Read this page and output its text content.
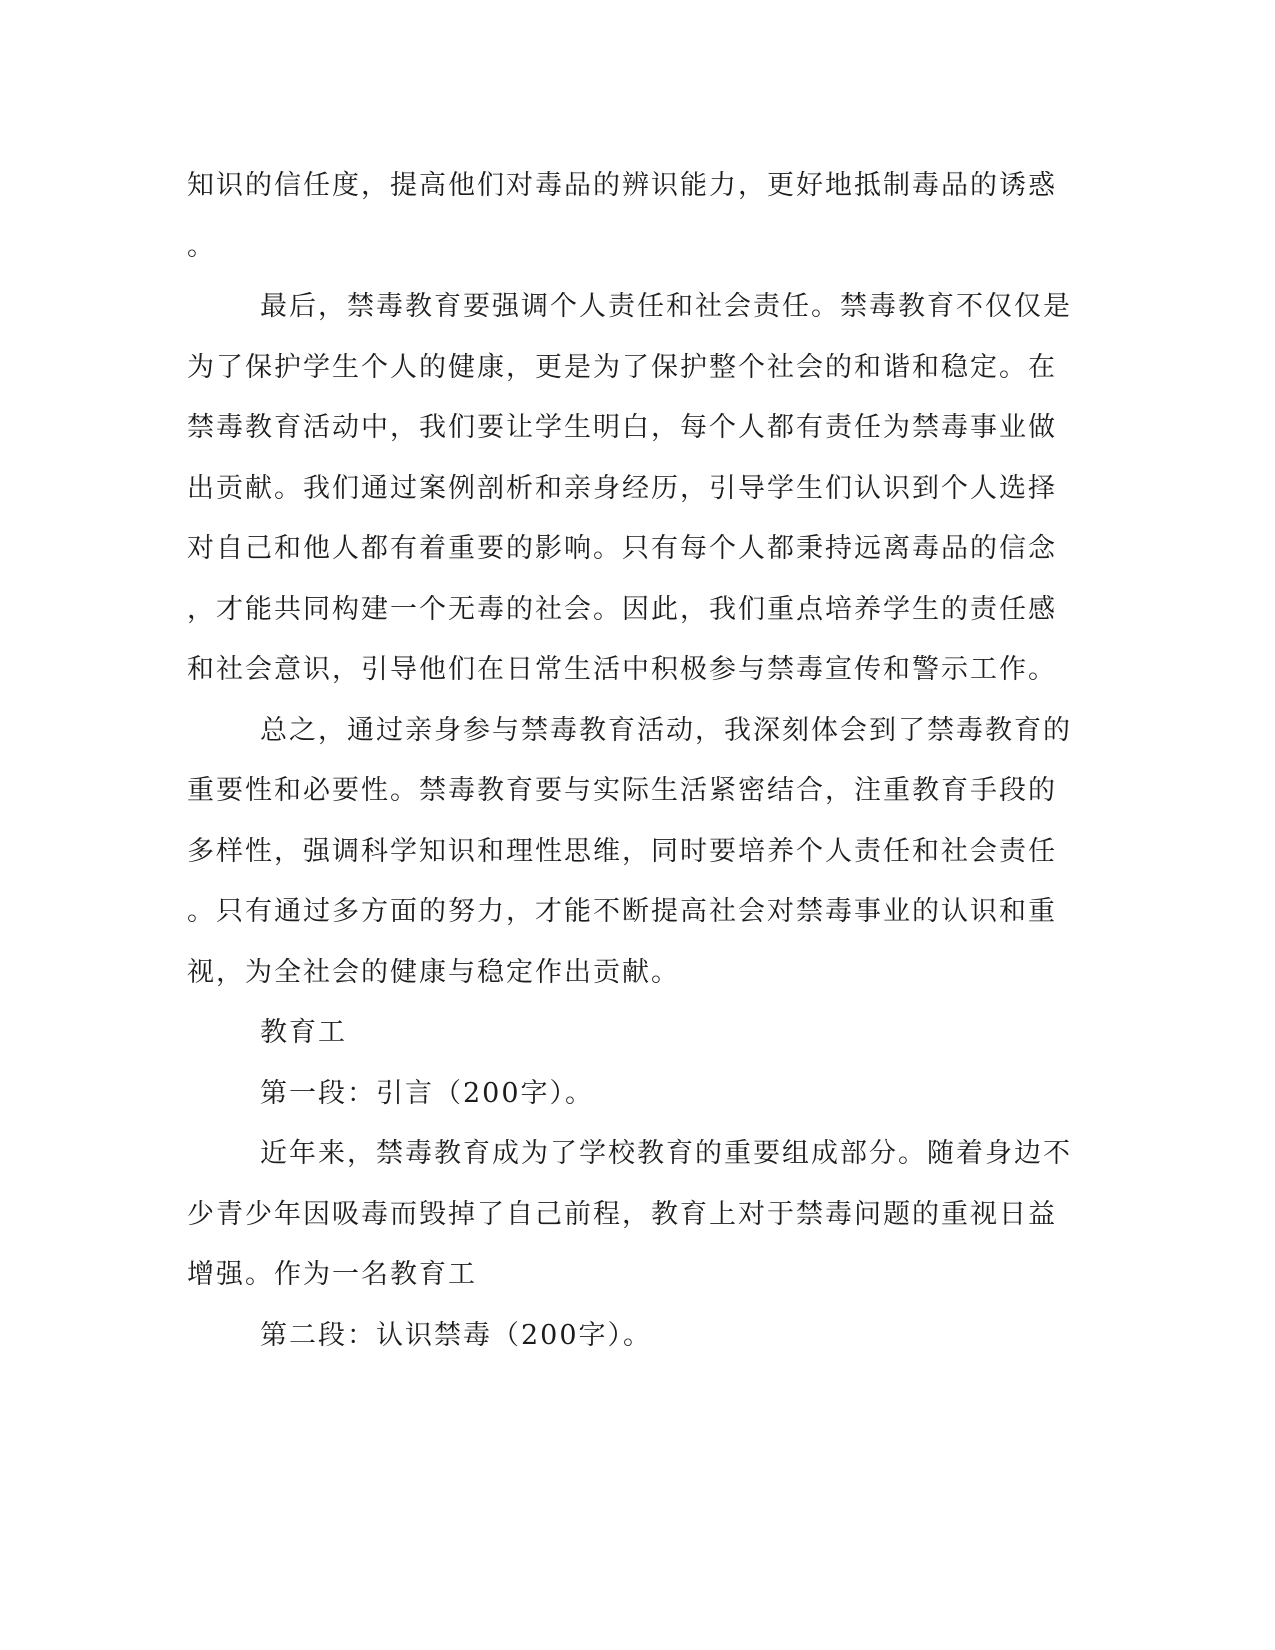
知识的信任度，提高他们对毒品的辨识能力，更好地抵制毒品的诱惑
。
最后，禁毒教育要强调个人责任和社会责任。禁毒教育不仅仅是
为了保护学生个人的健康，更是为了保护整个社会的和谐和稳定。在
禁毒教育活动中，我们要让学生明白，每个人都有责任为禁毒事业做
出贡献。我们通过案例剖析和亲身经历，引导学生们认识到个人选择
对自己和他人都有着重要的影响。只有每个人都秉持远离毒品的信念
，才能共同构建一个无毒的社会。因此，我们重点培养学生的责任感
和社会意识，引导他们在日常生活中积极参与禁毒宣传和警示工作。
总之，通过亲身参与禁毒教育活动，我深刻体会到了禁毒教育的
重要性和必要性。禁毒教育要与实际生活紧密结合，注重教育手段的
多样性，强调科学知识和理性思维，同时要培养个人责任和社会责任
。只有通过多方面的努力，才能不断提高社会对禁毒事业的认识和重
视，为全社会的健康与稳定作出贡献。
教育工
第一段：引言（200字）。
近年来，禁毒教育成为了学校教育的重要组成部分。随着身边不
少青少年因吸毒而毁掉了自己前程，教育上对于禁毒问题的重视日益
增强。作为一名教育工
第二段：认识禁毒（200字）。
